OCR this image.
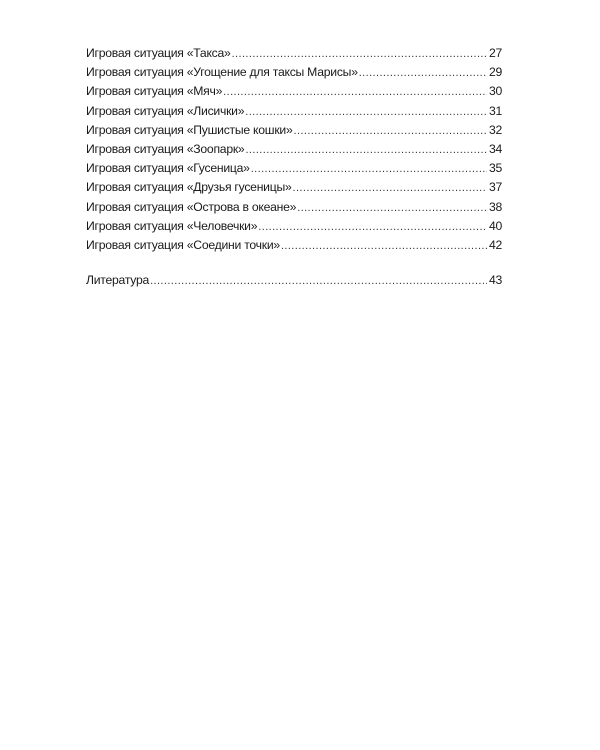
Игровая ситуация «Такса» .....	27
Игровая ситуация «Угощение для таксы Марисы» .....	29
Игровая ситуация «Мяч» .....	30
Игровая ситуация «Лисички» .....	31
Игровая ситуация «Пушистые кошки» .....	32
Игровая ситуация «Зоопарк» .....	34
Игровая ситуация «Гусеница» .....	35
Игровая ситуация «Друзья гусеницы» .....	37
Игровая ситуация «Острова в океане» .....	38
Игровая ситуация «Человечки» .....	40
Игровая ситуация «Соедини точки» .....	42
Литература .....	43
